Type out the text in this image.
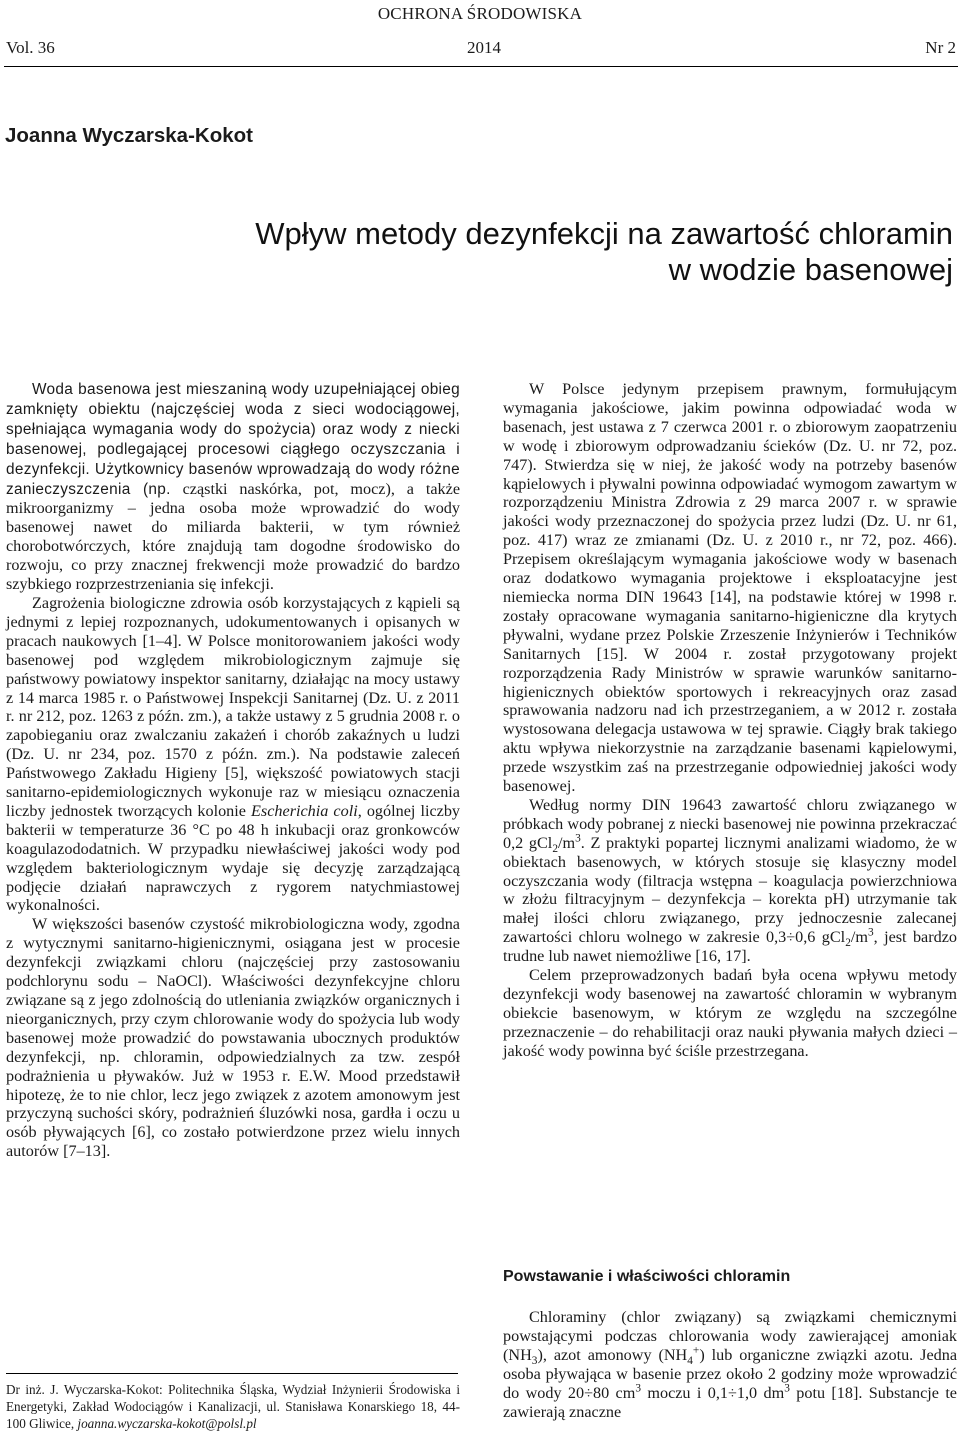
OCHRONA ŚRODOWISKA
Vol. 36	2014	Nr 2
Joanna Wyczarska-Kokot
Wpływ metody dezynfekcji na zawartość chloramin
w wodzie basenowej

Woda basenowa jest mieszaniną wody uzupełniającej obieg zamknięty obiektu (najczęściej woda z sieci wodociągowej, spełniająca wymagania wody do spożycia) oraz wody z niecki basenowej, podlegającej procesowi ciągłego oczyszczania i dezynfekcji. Użytkownicy basenów wprowadzają do wody różne zanieczyszczenia (np. cząstki naskórka, pot, mocz), a także mikroorganizmy – jedna osoba może wprowadzić do wody basenowej nawet do miliarda bakterii, w tym również chorobotwórczych, które znajdują tam dogodne środowisko do rozwoju, co przy znacznej frekwencji może prowadzić do bardzo szybkiego rozprzestrzeniania się infekcji.

Zagrożenia biologiczne zdrowia osób korzystających z kąpieli są jednymi z lepiej rozpoznanych, udokumentowanych i opisanych w pracach naukowych [1–4]. W Polsce monitorowaniem jakości wody basenowej pod względem mikrobiologicznym zajmuje się państwowy powiatowy inspektor sanitarny, działając na mocy ustawy z 14 marca 1985 r. o Państwowej Inspekcji Sanitarnej (Dz. U. z 2011 r. nr 212, poz. 1263 z późn. zm.), a także ustawy z 5 grudnia 2008 r. o zapobieganiu oraz zwalczaniu zakażeń i chorób zakaźnych u ludzi (Dz. U. nr 234, poz. 1570 z późn. zm.). Na podstawie zaleceń Państwowego Zakładu Higieny [5], większość powiatowych stacji sanitarno-epidemiologicznych wykonuje raz w miesiącu oznaczenia liczby jednostek tworzących kolonie Escherichia coli, ogólnej liczby bakterii w temperaturze 36 °C po 48 h inkubacji oraz gronkowców koagulazododatnich. W przypadku niewłaściwej jakości wody pod względem bakteriologicznym wydaje się decyzję zarządzającą podjęcie działań naprawczych z rygorem natychmiastowej wykonalności.

W większości basenów czystość mikrobiologiczna wody, zgodna z wytycznymi sanitarno-higienicznymi, osiągana jest w procesie dezynfekcji związkami chloru (najczęściej przy zastosowaniu podchlorynu sodu – NaOCl). Właściwości dezynfekcyjne chloru związane są z jego zdolnością do utleniania związków organicznych i nieorganicznych, przy czym chlorowanie wody do spożycia lub wody basenowej może prowadzić do powstawania ubocznych produktów dezynfekcji, np. chloramin, odpowiedzialnych za tzw. zespół podrażnienia u pływaków. Już w 1953 r. E.W. Mood przedstawił hipotezę, że to nie chlor, lecz jego związek z azotem amonowym jest przyczyną suchości skóry, podrażnień śluzówki nosa, gardła i oczu u osób pływających [6], co zostało potwierdzone przez wielu innych autorów [7–13].

Dr inż. J. Wyczarska-Kokot: Politechnika Śląska, Wydział Inżynierii Środowiska i Energetyki, Zakład Wodociągów i Kanalizacji, ul. Stanisława Konarskiego 18, 44-100 Gliwice, joanna.wyczarska-kokot@polsl.pl

W Polsce jedynym przepisem prawnym, formułującym wymagania jakościowe, jakim powinna odpowiadać woda w basenach, jest ustawa z 7 czerwca 2001 r. o zbiorowym zaopatrzeniu w wodę i zbiorowym odprowadzaniu ścieków (Dz. U. nr 72, poz. 747). Stwierdza się w niej, że jakość wody na potrzeby basenów kąpielowych i pływalni powinna odpowiadać wymogom zawartym w rozporządzeniu Ministra Zdrowia z 29 marca 2007 r. w sprawie jakości wody przeznaczonej do spożycia przez ludzi (Dz. U. nr 61, poz. 417) wraz ze zmianami (Dz. U. z 2010 r., nr 72, poz. 466). Przepisem określającym wymagania jakościowe wody w basenach oraz dodatkowo wymagania projektowe i eksploatacyjne jest niemiecka norma DIN 19643 [14], na podstawie której w 1998 r. zostały opracowane wymagania sanitarno-higieniczne dla krytych pływalni, wydane przez Polskie Zrzeszenie Inżynierów i Techników Sanitarnych [15]. W 2004 r. został przygotowany projekt rozporządzenia Rady Ministrów w sprawie warunków sanitarno-higienicznych obiektów sportowych i rekreacyjnych oraz zasad sprawowania nadzoru nad ich przestrzeganiem, a w 2012 r. została wystosowana delegacja ustawowa w tej sprawie. Ciągły brak takiego aktu wpływa niekorzystnie na zarządzanie basenami kąpielowymi, przede wszystkim zaś na przestrzeganie odpowiedniej jakości wody basenowej.

Według normy DIN 19643 zawartość chloru związanego w próbkach wody pobranej z niecki basenowej nie powinna przekraczać 0,2 $gCl_2/m^3$. Z praktyki popartej licznymi analizami wiadomo, że w obiektach basenowych, w których stosuje się klasyczny model oczyszczania wody (filtracja wstępna – koagulacja powierzchniowa w złożu filtracyjnym – dezynfekcja – korekta pH) utrzymanie tak małej ilości chloru związanego, przy jednoczesnie zalecanej zawartości chloru wolnego w zakresie 0,3÷0,6 $gCl_2/m^3$, jest bardzo trudne lub nawet niemożliwe [16, 17].

Celem przeprowadzonych badań była ocena wpływu metody dezynfekcji wody basenowej na zawartość chloramin w wybranym obiekcie basenowym, w którym ze względu na szczególne przeznaczenie – do rehabilitacji oraz nauki pływania małych dzieci – jakość wody powinna być ściśle przestrzegana.

Powstawanie i właściwości chloramin

Chloraminy (chlor związany) są związkami chemicznymi powstającymi podczas chlorowania wody zawierającej amoniak $(NH_3)$, azot amonowy $(NH_4^+)$ lub organiczne związki azotu. Jedna osoba pływająca w basenie przez około 2 godziny może wprowadzić do wody 20÷80 $cm^3$ moczu i 0,1÷1,0 $dm^3$ potu [18]. Substancje te zawierają znaczne
